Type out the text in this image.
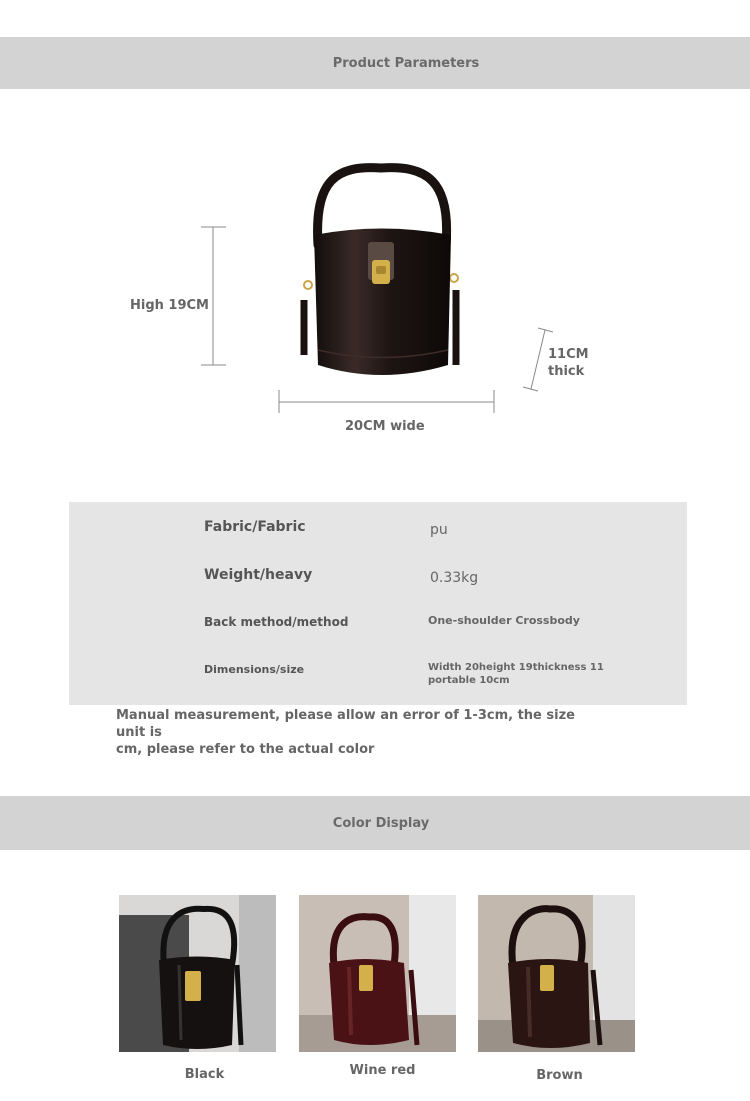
Product Parameters
High 19CM
20CM wide
11CM
thick
Fabric/Fabric	pu
Weight/heavy	0.33kg
Back method/method	One-shoulder Crossbody
Dimensions/size	Width 20height 19thickness 11
portable 10cm
Manual measurement, please allow an error of 1-3cm, the size unit is
cm, please refer to the actual color
Color Display
Black	Wine red	Brown
